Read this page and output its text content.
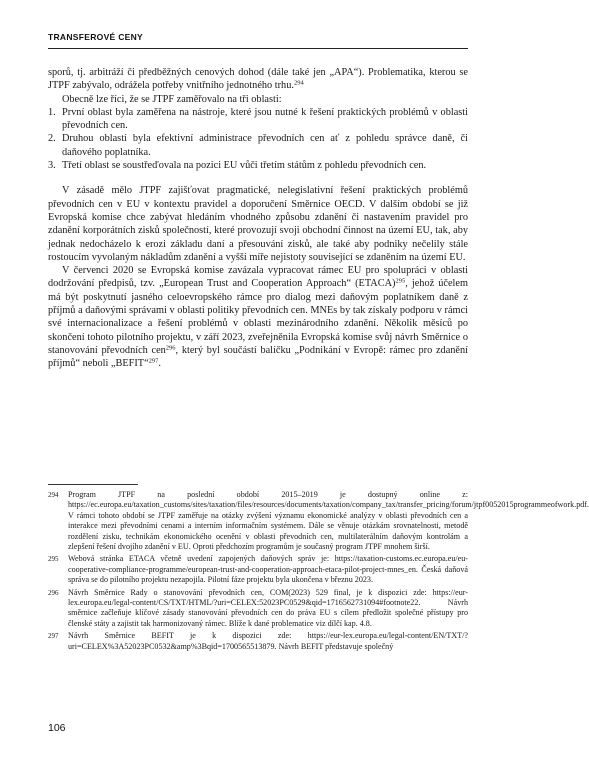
TRANSFEROVÉ CENY

sporů, tj. arbitráží či předběžných cenových dohod (dále také jen „APA“). Problematika, kterou se JTPF zabývalo, odrážela potřeby vnitřního jednotného trhu.$^{294}$

Obecně lze říci, že se JTPF zaměřovalo na tři oblasti:

1. První oblast byla zaměřena na nástroje, které jsou nutné k řešení praktických problémů v oblasti převodních cen.
2. Druhou oblastí byla efektivní administrace převodních cen ať z pohledu správce daně, či daňového poplatníka.
3. Třetí oblast se soustřeďovala na pozici EU vůči třetím státům z pohledu převodních cen.

V zásadě mělo JTPF zajišťovat pragmatické, nelegislativní řešení praktických problémů převodních cen v EU v kontextu pravidel a doporučení Směrnice OECD. V dalším období se již Evropská komise chce zabývat hledáním vhodného způsobu zdanění či nastavením pravidel pro zdanění korporátních zisků společností, které provozují svoji obchodní činnost na území EU, tak, aby jednak nedocházelo k erozi základu daní a přesouvání zisků, ale také aby podniky nečelily stále rostoucím vyvolaným nákladům zdanění a vyšší míře nejistoty související se zdaněním na území EU.

V červenci 2020 se Evropská komise zavázala vypracovat rámec EU pro spolupráci v oblasti dodržování předpisů, tzv. „European Trust and Cooperation Approach“ (ETACA)$^{295}$, jehož účelem má být poskytnutí jasného celoevropského rámce pro dialog mezi daňovým poplatníkem daně z příjmů a daňovými správami v oblasti politiky převodních cen. MNEs by tak získaly podporu v rámci své internacionalizace a řešení problémů v oblasti mezinárodního zdanění. Několik měsíců po skončení tohoto pilotního projektu, v září 2023, zveřejněnila Evropská komise svůj návrh Směrnice o stanovování převodních cen$^{296}$, který byl součástí balíčku „Podnikání v Evropě: rámec pro zdanění příjmů“ neboli „BEFIT“$^{297}$.

294 Program JTPF na poslední období 2015–2019 je dostupný online z: https://ec.europa.eu/taxation_customs/sites/taxation/files/resources/documents/taxation/company_tax/transfer_pricing/forum/jtpf0052015programmeofwork.pdf. V rámci tohoto období se JTPF zaměřuje na otázky zvýšení významu ekonomické analýzy v oblasti převodních cen a interakce mezi převodními cenami a interním informačním systémem. Dále se věnuje otázkám srovnatelnosti, metodě rozdělení zisku, technikám ekonomického ocenění v oblasti převodních cen, multilaterálním daňovým kontrolám a zlepšení řešení dvojího zdanění v EU. Oproti předchozím programům je současný program JTPF mnohem širší.
295 Webová stránka ETACA včetně uvedení zapojených daňových správ je: https://taxation-customs.ec.europa.eu/eu-cooperative-compliance-programme/european-trust-and-cooperation-approach-etaca-pilot-project-mnes_en. Česká daňová správa se do pilotního projektu nezapojila. Pilotní fáze projektu byla ukončena v březnu 2023.
296 Návrh Směrnice Rady o stanovování převodních cen, COM(2023) 529 final, je k dispozici zde: https://eur-lex.europa.eu/legal-content/CS/TXT/HTML/?uri=CELEX:52023PC0529&qid=1716562731094#footnote22. Návrh směrnice začleňuje klíčové zásady stanovování převodních cen do práva EU s cílem předložit společné přístupy pro členské státy a zajistit tak harmonizovaný rámec. Blíže k dané problematice viz dílčí kap. 4.8.
297 Návrh Směrnice BEFIT je k dispozici zde: https://eur-lex.europa.eu/legal-content/EN/TXT/?uri=CELEX%3A52023PC0532&amp%3Bqid=1700565513879. Návrh BEFIT představuje společný
106
